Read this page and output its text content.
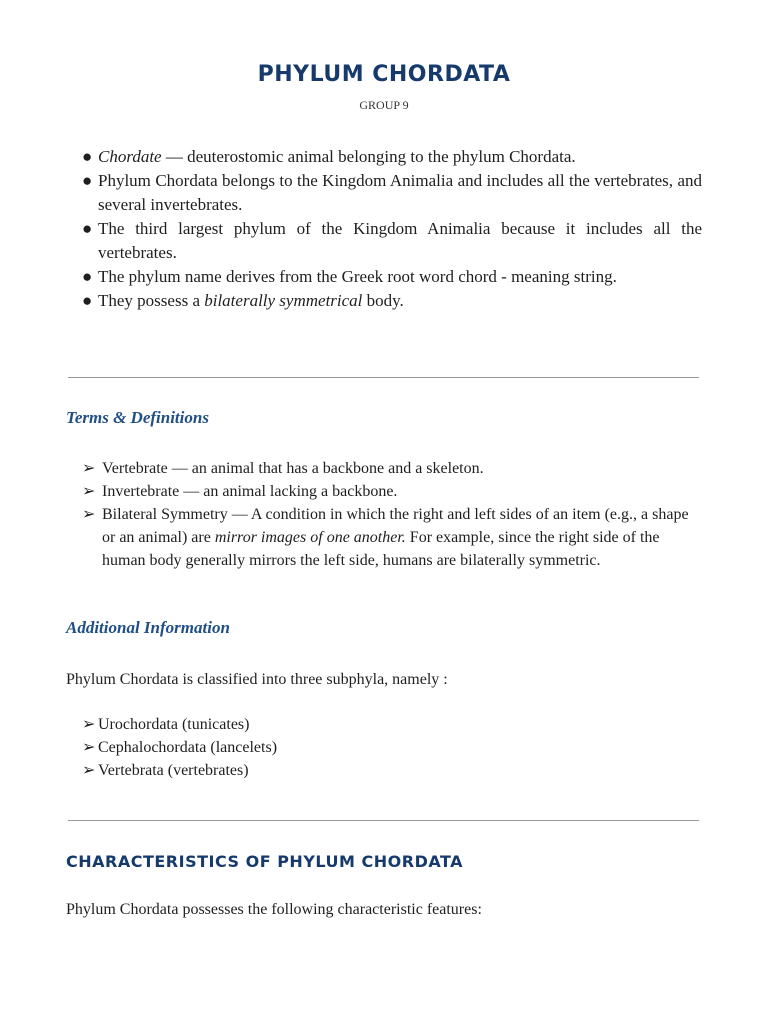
PHYLUM CHORDATA
GROUP 9
● Chordate — deuterostomic animal belonging to the phylum Chordata.
● Phylum Chordata belongs to the Kingdom Animalia and includes all the vertebrates, and several invertebrates.
● The third largest phylum of the Kingdom Animalia because it includes all the vertebrates.
● The phylum name derives from the Greek root word chord - meaning string.
● They possess a bilaterally symmetrical body.
Terms & Definitions
➢ Vertebrate — an animal that has a backbone and a skeleton.
➢ Invertebrate — an animal lacking a backbone.
➢ Bilateral Symmetry — A condition in which the right and left sides of an item (e.g., a shape or an animal) are mirror images of one another. For example, since the right side of the human body generally mirrors the left side, humans are bilaterally symmetric.
Additional Information
Phylum Chordata is classified into three subphyla, namely :
➢ Urochordata (tunicates)
➢ Cephalochordata (lancelets)
➢ Vertebrata (vertebrates)
CHARACTERISTICS OF PHYLUM CHORDATA
Phylum Chordata possesses the following characteristic features:
